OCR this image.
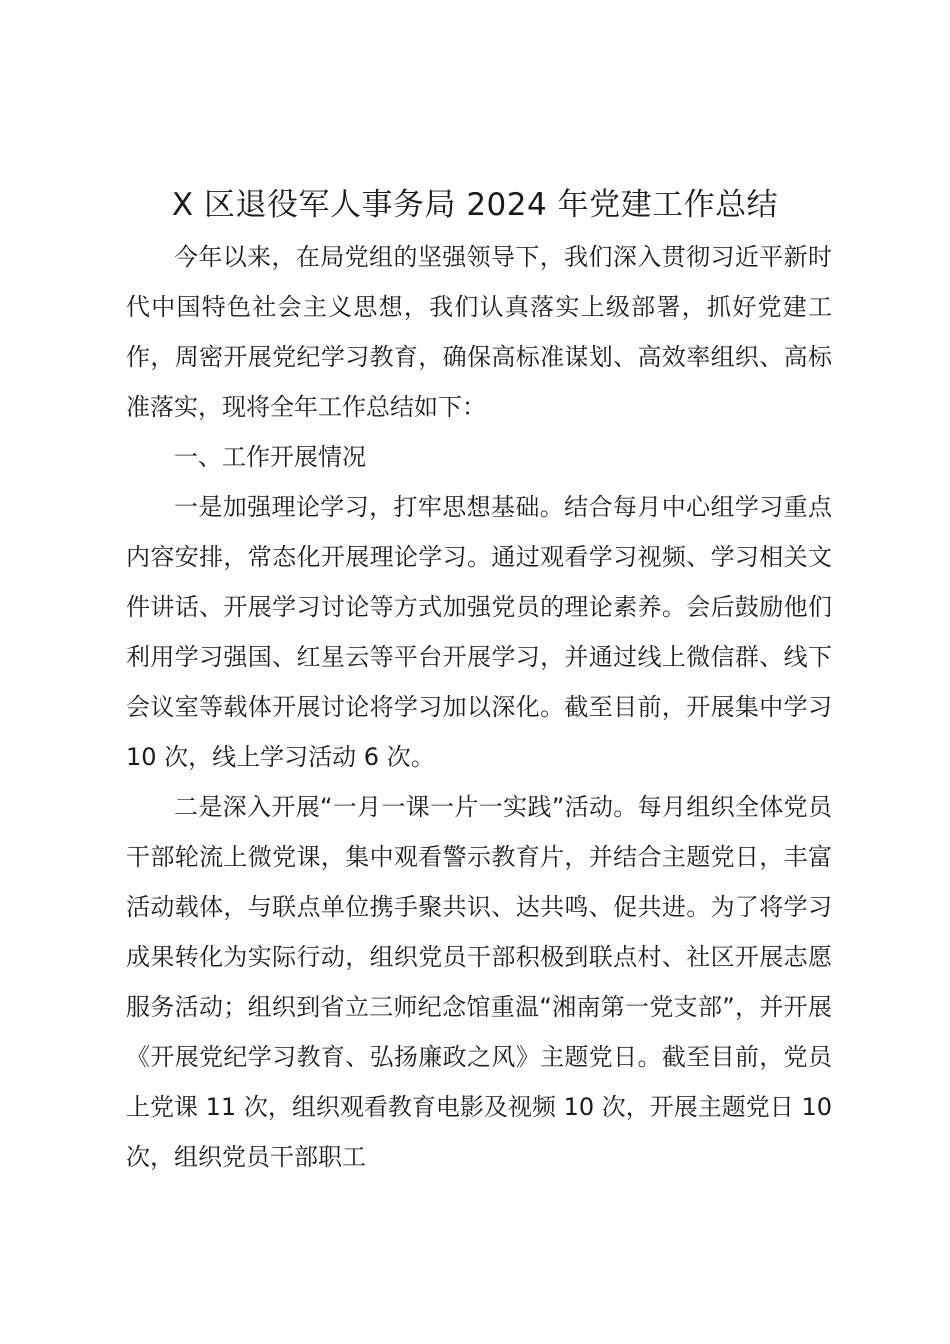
X 区退役军人事务局 2024 年党建工作总结

今年以来，在局党组的坚强领导下，我们深入贯彻习近平新时代中国特色社会主义思想，我们认真落实上级部署，抓好党建工作，周密开展党纪学习教育，确保高标准谋划、高效率组织、高标准落实，现将全年工作总结如下：

一、工作开展情况

一是加强理论学习，打牢思想基础。结合每月中心组学习重点内容安排，常态化开展理论学习。通过观看学习视频、学习相关文件讲话、开展学习讨论等方式加强党员的理论素养。会后鼓励他们利用学习强国、红星云等平台开展学习，并通过线上微信群、线下会议室等载体开展讨论将学习加以深化。截至目前，开展集中学习 10 次，线上学习活动 6 次。

二是深入开展“一月一课一片一实践”活动。每月组织全体党员干部轮流上微党课，集中观看警示教育片，并结合主题党日，丰富活动载体，与联点单位携手聚共识、达共鸣、促共进。为了将学习成果转化为实际行动，组织党员干部积极到联点村、社区开展志愿服务活动；组织到省立三师纪念馆重温“湘南第一党支部”，并开展《开展党纪学习教育、弘扬廉政之风》主题党日。截至目前，党员上党课 11 次，组织观看教育电影及视频 10 次，开展主题党日 10 次，组织党员干部职工
